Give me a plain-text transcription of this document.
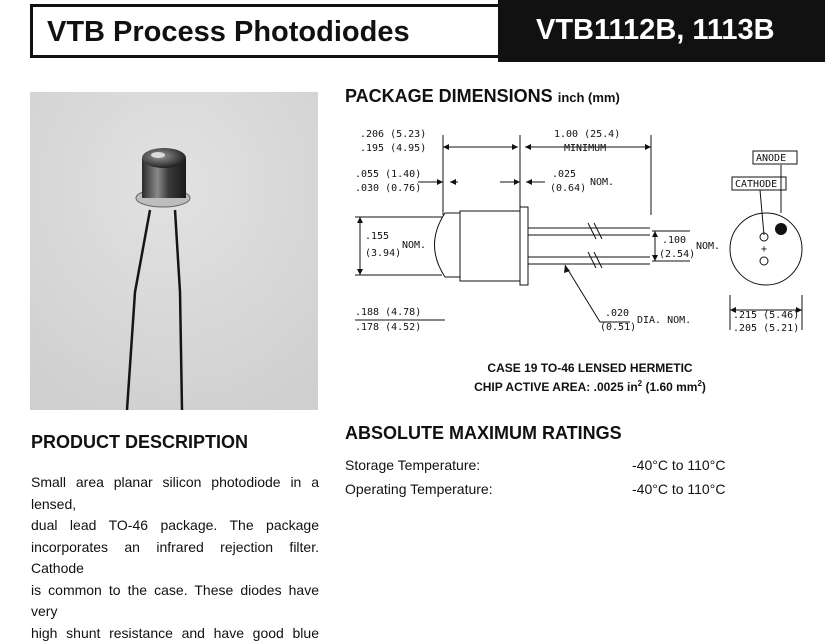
VTB Process Photodiodes	VTB1112B, 1113B
PACKAGE DIMENSIONS inch (mm)
.206 (5.23)
.195 (4.95)
1.00 (25.4)
MINIMUM
.055 (1.40)
.030 (0.76)
.025
(0.64)
NOM.
.155
(3.94)
NOM.	.100
(2.54)
NOM.
.188 (4.78)
.178 (4.52)
.020
(0.51)
DIA. NOM.	.215 (5.46)
.205 (5.21)
ANODE
CATHODE
+
CASE 19 TO-46 LENSED HERMETIC
CHIP ACTIVE AREA: .0025 $in^2$ (1.60 $mm^2$)
ABSOLUTE MAXIMUM RATINGS
Storage Temperature:	-40°C to 110°C
Operating Temperature:	-40°C to 110°C
PRODUCT DESCRIPTION
Small area planar silicon photodiode in a lensed,
dual lead TO-46 package. The package
incorporates an infrared rejection filter. Cathode
is common to the case. These diodes have very
high shunt resistance and have good blue
